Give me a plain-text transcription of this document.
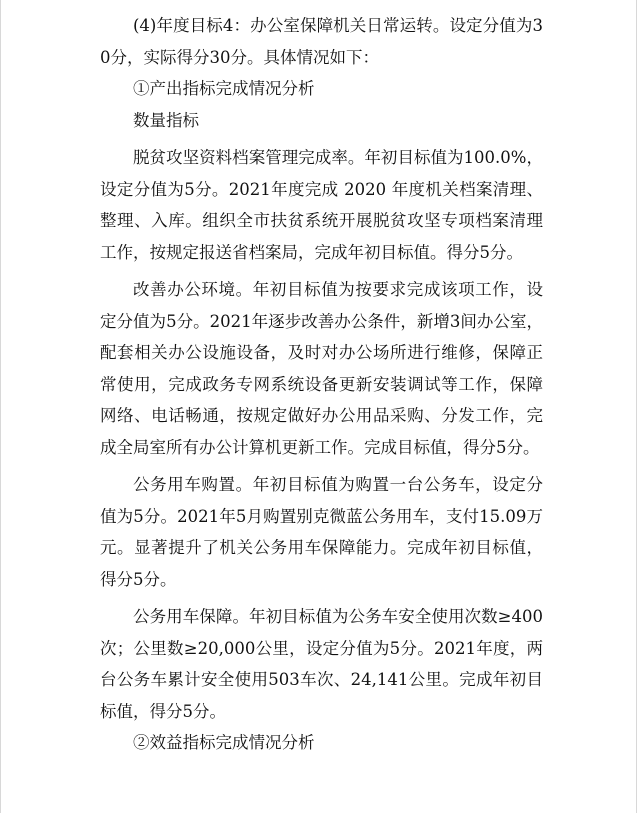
(4)年度目标4：办公室保障机关日常运转。设定分值为30分，实际得分30分。具体情况如下：

①产出指标完成情况分析

数量指标

脱贫攻坚资料档案管理完成率。年初目标值为100.0%，设定分值为5分。2021年度完成 2020 年度机关档案清理、整理、入库。组织全市扶贫系统开展脱贫攻坚专项档案清理工作，按规定报送省档案局，完成年初目标值。得分5分。

改善办公环境。年初目标值为按要求完成该项工作，设定分值为5分。2021年逐步改善办公条件，新增3间办公室，配套相关办公设施设备，及时对办公场所进行维修，保障正常使用，完成政务专网系统设备更新安装调试等工作，保障网络、电话畅通，按规定做好办公用品采购、分发工作，完成全局室所有办公计算机更新工作。完成目标值，得分5分。

公务用车购置。年初目标值为购置一台公务车，设定分值为5分。2021年5月购置别克微蓝公务用车，支付15.09万元。显著提升了机关公务用车保障能力。完成年初目标值，得分5分。

公务用车保障。年初目标值为公务车安全使用次数≥400次；公里数≥20,000公里，设定分值为5分。2021年度，两台公务车累计安全使用503车次、24,141公里。完成年初目标值，得分5分。

②效益指标完成情况分析
